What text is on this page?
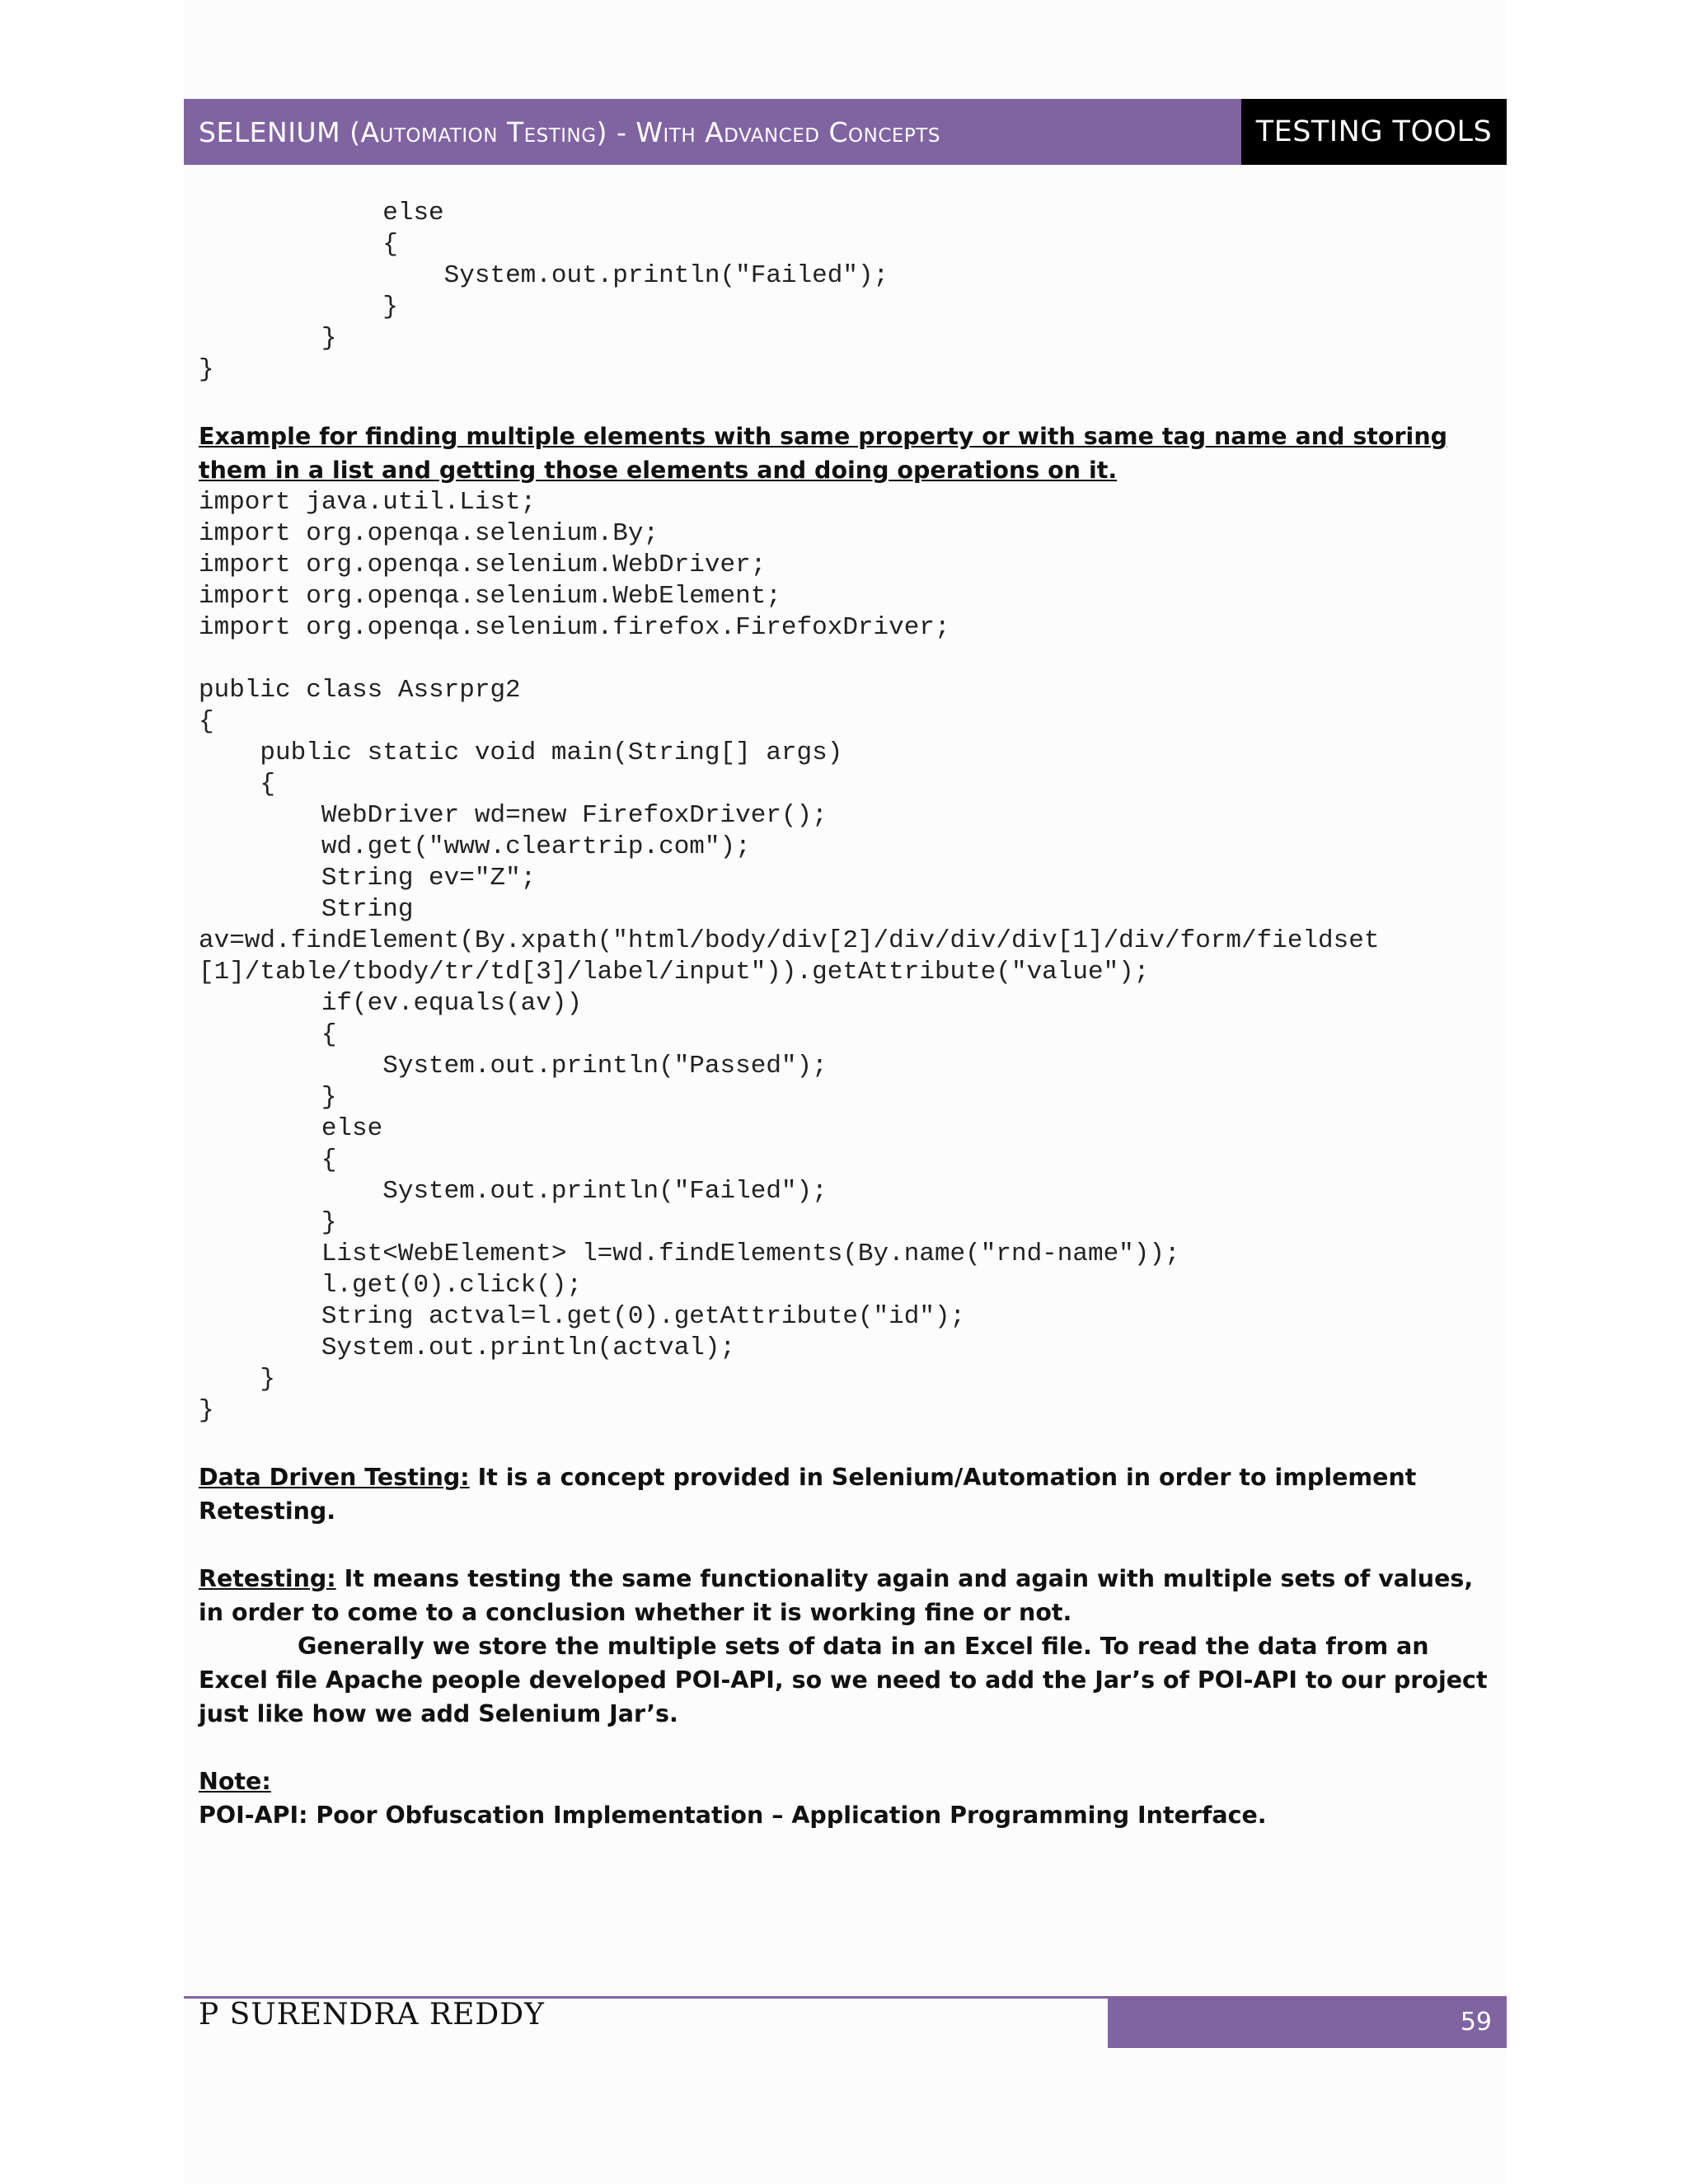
SELENIUM
(Automation Testing) - With Advanced Concepts	TESTING TOOLS
			else
			{
				System.out.println("Failed");
			}
		}
}

Example for finding multiple elements with same property or with same tag name and storing them in a list and getting those elements and doing operations on it.

import java.util.List;
import org.openqa.selenium.By;
import org.openqa.selenium.WebDriver;
import org.openqa.selenium.WebElement;
import org.openqa.selenium.firefox.FirefoxDriver;
public class Assrprg2
{
	public static void main(String[] args)
	{
		WebDriver wd=new FirefoxDriver();
		wd.get("www.cleartrip.com");
		String ev="Z";
		String
av=wd.findElement(By.xpath("html/body/div[2]/div/div/div[1]/div/form/fieldset
[1]/table/tbody/tr/td[3]/label/input")).getAttribute("value");
		if(ev.equals(av))
		{
			System.out.println("Passed");
		}
		else
		{
			System.out.println("Failed");
		}
		List<WebElement> l=wd.findElements(By.name("rnd-name"));
		l.get(0).click();
		String actval=l.get(0).getAttribute("id");
		System.out.println(actval);
	}
}

Data Driven Testing: It is a concept provided in Selenium/Automation in order to implement Retesting.

Retesting: It means testing the same functionality again and again with multiple sets of values, in order to come to a conclusion whether it is working fine or not.

Generally we store the multiple sets of data in an Excel file. To read the data from an Excel file Apache people developed POI-API, so we need to add the Jar’s of POI-API to our project just like how we add Selenium Jar’s.

Note:

POI-API: Poor Obfuscation Implementation – Application Programming Interface.

P SURENDRA REDDY	59
